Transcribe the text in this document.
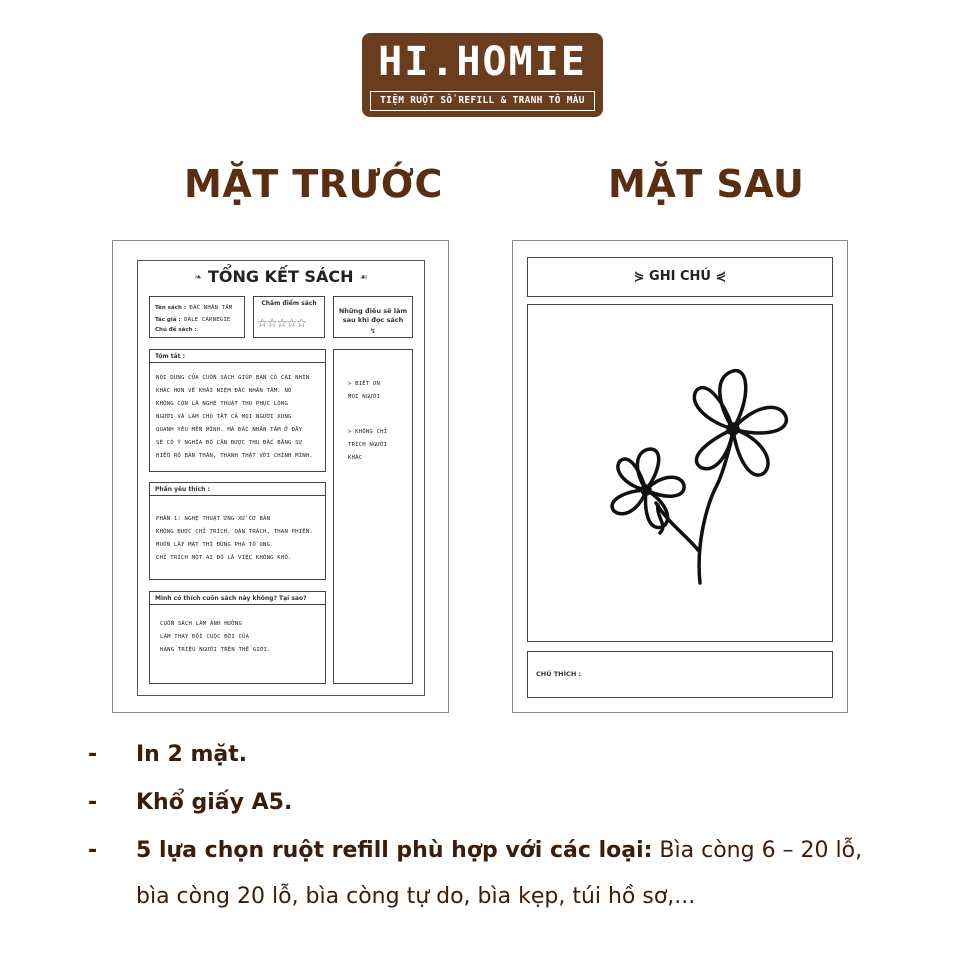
HI.HOMIE
TIỆM RUỘT SỔ REFILL & TRANH TÔ MÀU
MẶT TRƯỚC	MẶT SAU
❧ TỔNG KẾT SÁCH ☙
Tên sách : ĐẮC NHÂN TÂM
Tác giả : DALE CARNEGIE
Chủ đề sách :
Chấm điểm sách
☆☆☆☆☆
Những điều sẽ làm sau khi đọc sách
↯
Tóm tắt :
NỘI DUNG CỦA CUỐN SÁCH GIÚP BẠN CÓ CÁI NHÌN
KHÁC HƠN VỀ KHÁI NIỆM ĐẮC NHÂN TÂM. NÓ
KHÔNG CÒN LÀ NGHỆ THUẬT THU PHỤC LÒNG
NGƯỜI VÀ LÀM CHO TẤT CẢ MỌI NGƯỜI XUNG
QUANH YÊU MẾN MÌNH. MÀ ĐẮC NHÂN TÂM Ở ĐÂY
SẼ CÓ Ý NGHĨA ĐÓ CÂN ĐƯỢC THU ĐẮC BẰNG SỰ
HIỂU RÕ BẢN THÂN, THÀNH THẬT VỚI CHÍNH MÌNH.
Phần yêu thích :
PHẦN 1: NGHỆ THUẬT ỨNG XỬ CƠ BẢN
KHÔNG ĐƯỢC CHỈ TRÍCH, OÁN TRÁCH, THAN PHIỀN.
MUỐN LẤY MẬT THÌ ĐỪNG PHÁ TỔ ONG.
CHỈ TRÍCH MỘT AI ĐÓ LÀ VIỆC KHÔNG KHÓ.
Mình có thích cuốn sách này không? Tại sao?
CUỐN SÁCH LÀM ẢNH HƯỞNG
LÀM THAY ĐỔI CUỘC ĐỜI CỦA
HÀNG TRIỆU NGƯỜI TRÊN THẾ GIỚI.
> BIẾT ƠN
MỌI NGƯỜI
> KHÔNG CHỈ
TRÍCH NGƯỜI
KHÁC
⋟ GHI CHÚ ⋞
CHÚ THÍCH :
- In 2 mặt.
- Khổ giấy A5.
- 5 lựa chọn ruột refill phù hợp với các loại: Bìa còng 6 – 20 lỗ,
bìa còng 20 lỗ, bìa còng tự do, bìa kẹp, túi hồ sơ,...
